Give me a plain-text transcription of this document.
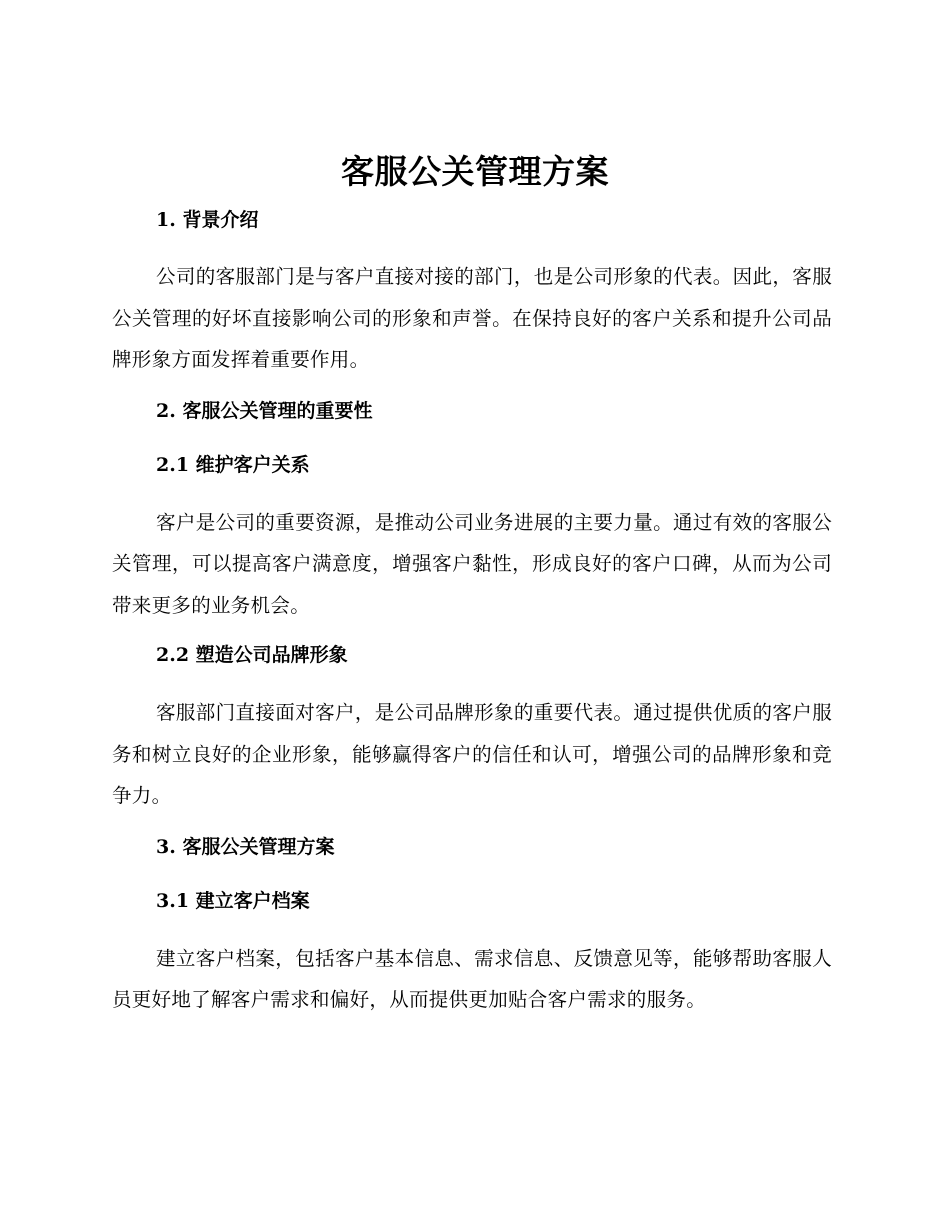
客服公关管理方案

1. 背景介绍

公司的客服部门是与客户直接对接的部门，也是公司形象的代表。因此，客服公关管理的好坏直接影响公司的形象和声誉。在保持良好的客户关系和提升公司品牌形象方面发挥着重要作用。

2. 客服公关管理的重要性

2.1 维护客户关系

客户是公司的重要资源，是推动公司业务进展的主要力量。通过有效的客服公关管理，可以提高客户满意度，增强客户黏性，形成良好的客户口碑，从而为公司带来更多的业务机会。

2.2 塑造公司品牌形象

客服部门直接面对客户，是公司品牌形象的重要代表。通过提供优质的客户服务和树立良好的企业形象，能够赢得客户的信任和认可，增强公司的品牌形象和竞争力。

3. 客服公关管理方案

3.1 建立客户档案

建立客户档案，包括客户基本信息、需求信息、反馈意见等，能够帮助客服人员更好地了解客户需求和偏好，从而提供更加贴合客户需求的服务。
